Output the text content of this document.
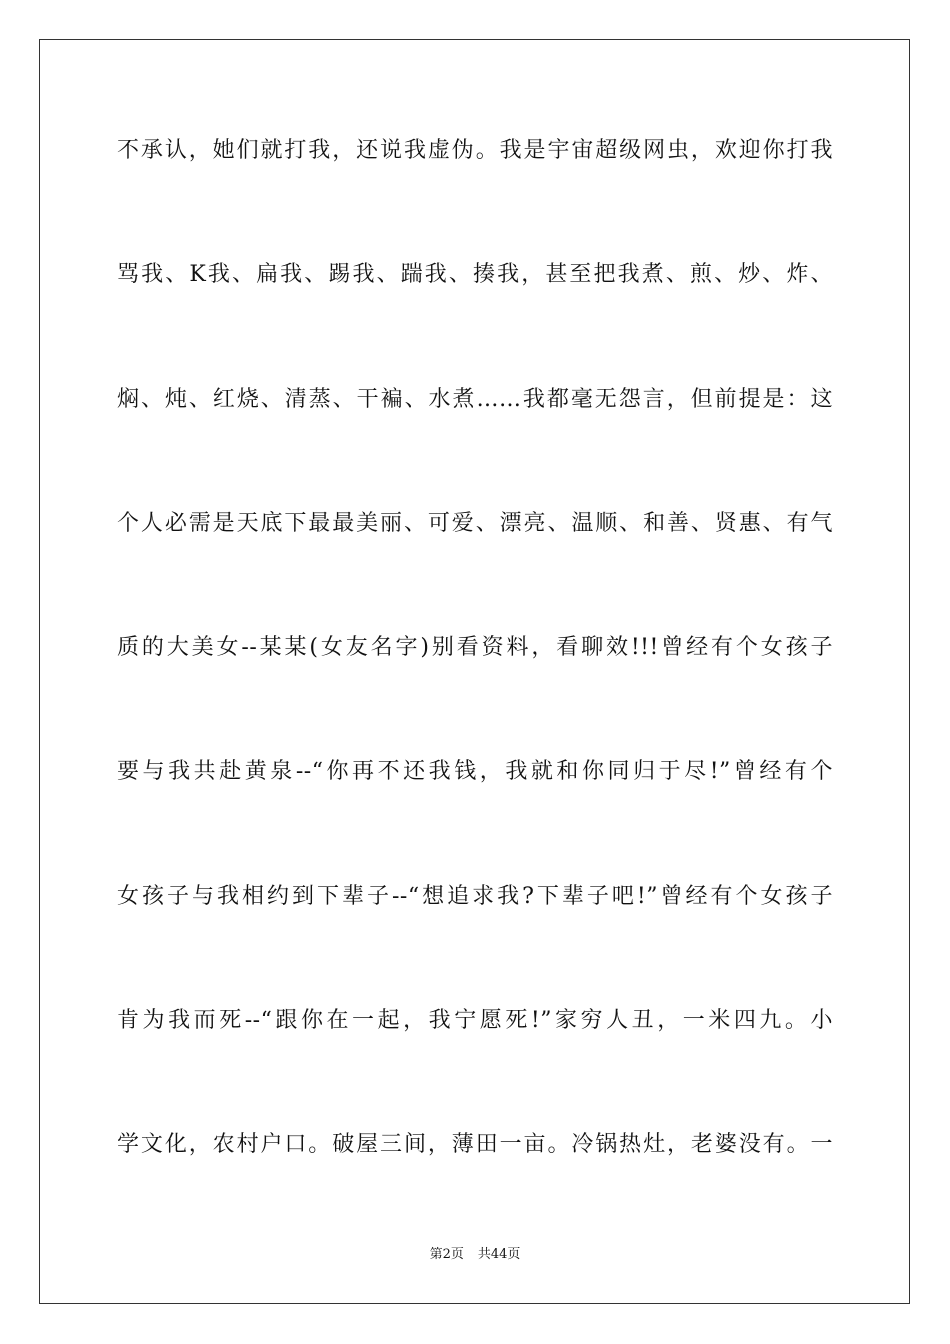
不承认，她们就打我，还说我虚伪。我是宇宙超级网虫，欢迎你打我
骂我、K我、扁我、踢我、踹我、揍我，甚至把我煮、煎、炒、炸、
焖、炖、红烧、清蒸、干褊、水煮……我都毫无怨言，但前提是：这
个人必需是天底下最最美丽、可爱、漂亮、温顺、和善、贤惠、有气
质的大美女--某某(女友名字)别看资料，看聊效!!!曾经有个女孩子
要与我共赴黄泉--“你再不还我钱，我就和你同归于尽!”曾经有个
女孩子与我相约到下辈子--“想追求我?下辈子吧!”曾经有个女孩子
肯为我而死--“跟你在一起，我宁愿死!”家穷人丑，一米四九。小
学文化，农村户口。破屋三间，薄田一亩。冷锅热灶，老婆没有。一
第2页 共44页
